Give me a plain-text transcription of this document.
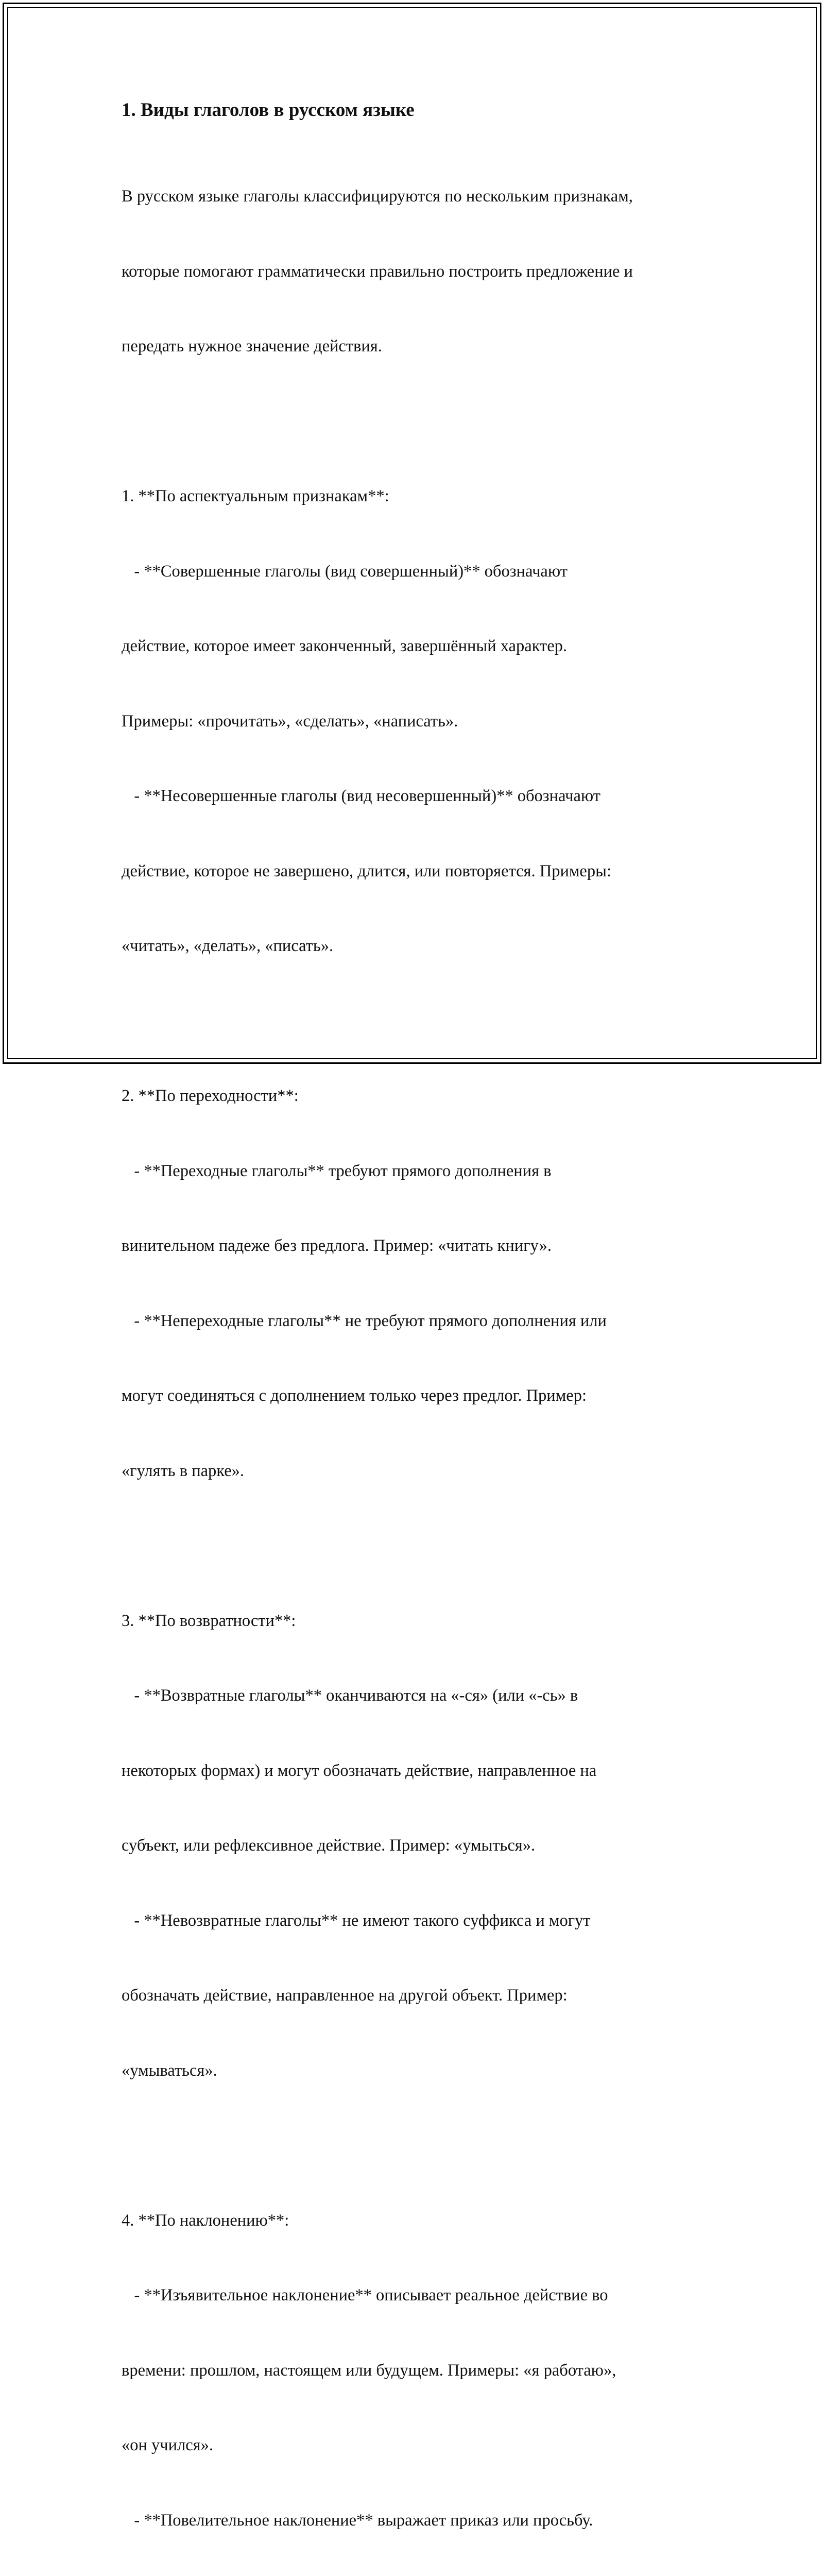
1. Виды глаголов в русском языке

В русском языке глаголы классифицируются по нескольким признакам,

которые помогают грамматически правильно построить предложение и

передать нужное значение действия.

1. **По аспектуальным признакам**:

- **Совершенные глаголы (вид совершенный)** обозначают

действие, которое имеет законченный, завершённый характер.

Примеры: «прочитать», «сделать», «написать».

- **Несовершенные глаголы (вид несовершенный)** обозначают

действие, которое не завершено, длится, или повторяется. Примеры:

«читать», «делать», «писать».

2. **По переходности**:

- **Переходные глаголы** требуют прямого дополнения в

винительном падеже без предлога. Пример: «читать книгу».

- **Непереходные глаголы** не требуют прямого дополнения или

могут соединяться с дополнением только через предлог. Пример:

«гулять в парке».

3. **По возвратности**:

- **Возвратные глаголы** оканчиваются на «-ся» (или «-сь» в

некоторых формах) и могут обозначать действие, направленное на

субъект, или рефлексивное действие. Пример: «умыться».

- **Невозвратные глаголы** не имеют такого суффикса и могут

обозначать действие, направленное на другой объект. Пример:

«умываться».

4. **По наклонению**:

- **Изъявительное наклонение** описывает реальное действие во

времени: прошлом, настоящем или будущем. Примеры: «я работаю»,

«он учился».

- **Повелительное наклонение** выражает приказ или просьбу.
